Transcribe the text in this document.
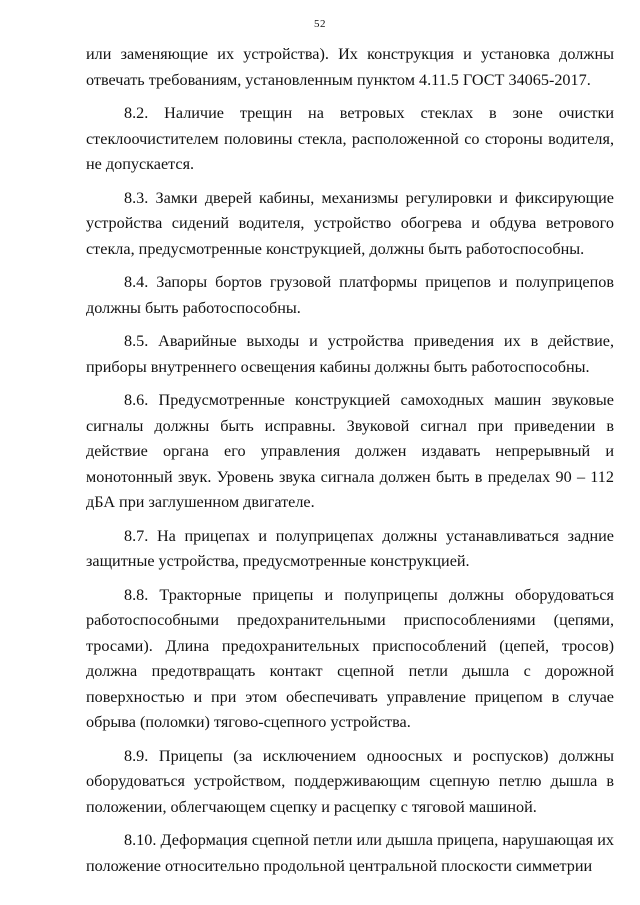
52

или заменяющие их устройства). Их конструкция и установка должны отвечать требованиям, установленным пунктом 4.11.5 ГОСТ 34065-2017.

8.2. Наличие трещин на ветровых стеклах в зоне очистки стеклоочистителем половины стекла, расположенной со стороны водителя, не допускается.

8.3. Замки дверей кабины, механизмы регулировки и фиксирующие устройства сидений водителя, устройство обогрева и обдува ветрового стекла, предусмотренные конструкцией, должны быть работоспособны.

8.4. Запоры бортов грузовой платформы прицепов и полуприцепов должны быть работоспособны.

8.5. Аварийные выходы и устройства приведения их в действие, приборы внутреннего освещения кабины должны быть работоспособны.

8.6. Предусмотренные конструкцией самоходных машин звуковые сигналы должны быть исправны. Звуковой сигнал при приведении в действие органа его управления должен издавать непрерывный и монотонный звук. Уровень звука сигнала должен быть в пределах 90 – 112 дБА при заглушенном двигателе.

8.7. На прицепах и полуприцепах должны устанавливаться задние защитные устройства, предусмотренные конструкцией.

8.8. Тракторные прицепы и полуприцепы должны оборудоваться работоспособными предохранительными приспособлениями (цепями, тросами). Длина предохранительных приспособлений (цепей, тросов) должна предотвращать контакт сцепной петли дышла с дорожной поверхностью и при этом обеспечивать управление прицепом в случае обрыва (поломки) тягово-сцепного устройства.

8.9. Прицепы (за исключением одноосных и роспусков) должны оборудоваться устройством, поддерживающим сцепную петлю дышла в положении, облегчающем сцепку и расцепку с тяговой машиной.

8.10. Деформация сцепной петли или дышла прицепа, нарушающая их положение относительно продольной центральной плоскости симметрии
